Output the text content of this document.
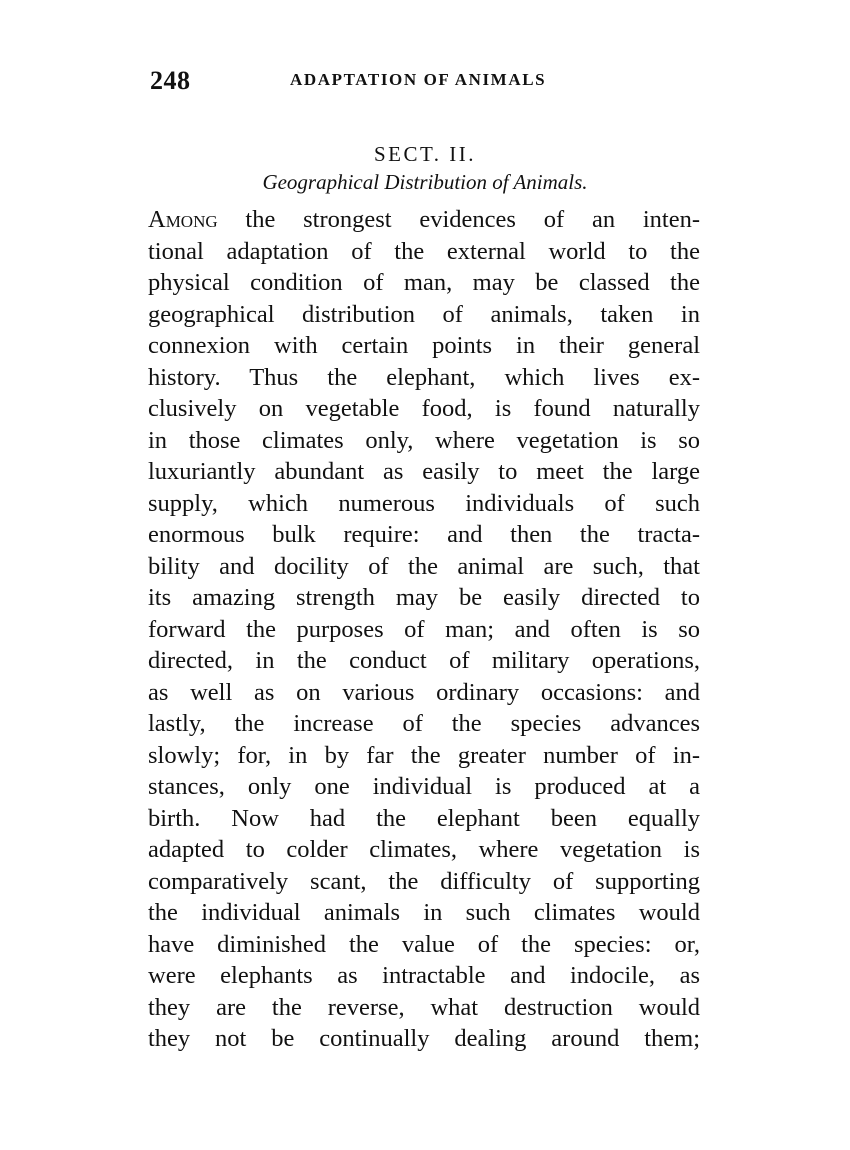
248	ADAPTATION OF ANIMALS
SECT. II.
Geographical Distribution of Animals.
Among the strongest evidences of an inten-
tional adaptation of the external world to the
physical condition of man, may be classed the
geographical distribution of animals, taken in
connexion with certain points in their general
history. Thus the elephant, which lives ex-
clusively on vegetable food, is found naturally
in those climates only, where vegetation is so
luxuriantly abundant as easily to meet the large
supply, which numerous individuals of such
enormous bulk require: and then the tracta-
bility and docility of the animal are such, that
its amazing strength may be easily directed to
forward the purposes of man; and often is so
directed, in the conduct of military operations,
as well as on various ordinary occasions: and
lastly, the increase of the species advances
slowly; for, in by far the greater number of in-
stances, only one individual is produced at a
birth. Now had the elephant been equally
adapted to colder climates, where vegetation is
comparatively scant, the difficulty of supporting
the individual animals in such climates would
have diminished the value of the species: or,
were elephants as intractable and indocile, as
they are the reverse, what destruction would
they not be continually dealing around them;
